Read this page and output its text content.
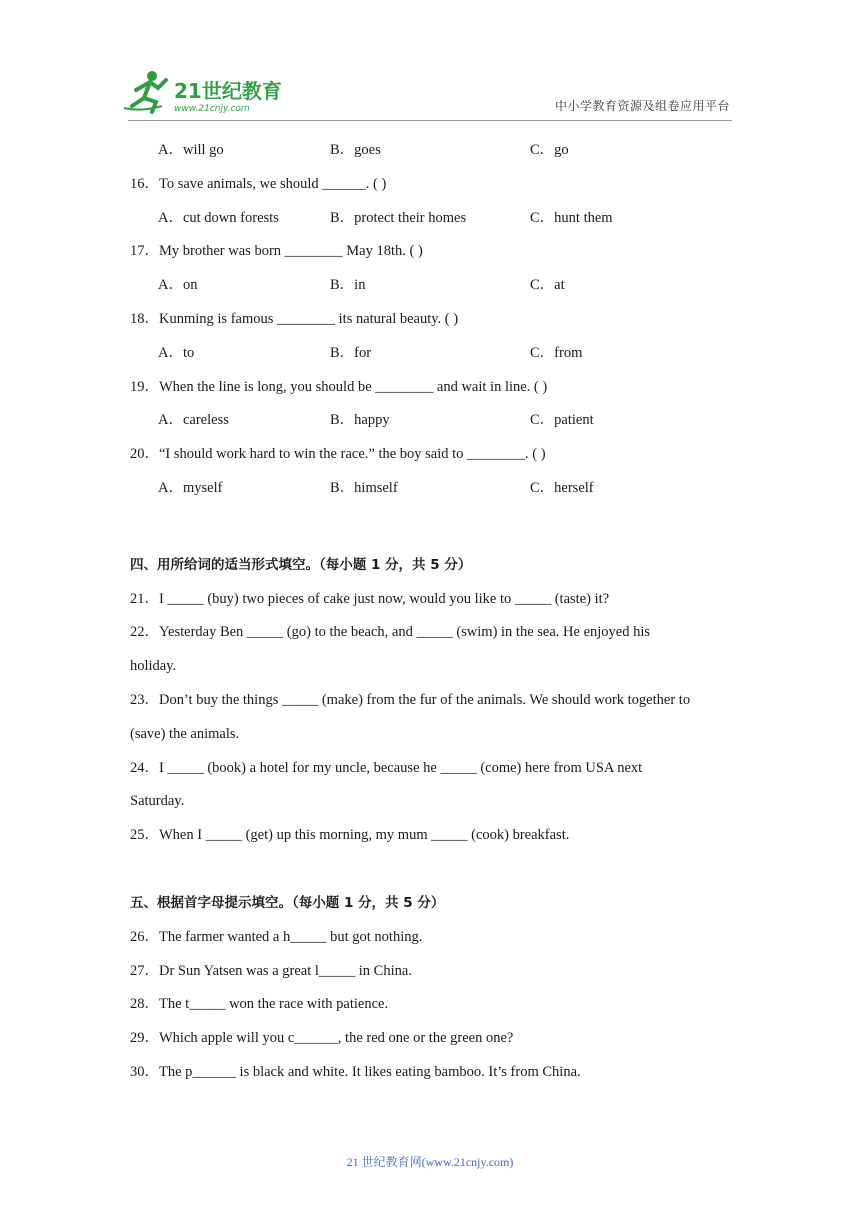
21世纪教育
www.21cnjy.com	中小学教育资源及组卷应用平台
A．will go	B．goes	C．go
16．To save animals, we should ______. ( )
A．cut down forests	B．protect their homes	C．hunt them
17．My brother was born ________ May 18th. ( )
A．on	B．in	C．at
18．Kunming is famous ________ its natural beauty. ( )
A．to	B．for	C．from
19．When the line is long, you should be ________ and wait in line. ( )
A．careless	B．happy	C．patient
20．“I should work hard to win the race.” the boy said to ________. ( )
A．myself	B．himself	C．herself
四、用所给词的适当形式填空。（每小题 1 分，共 5 分）
21．I _____ (buy) two pieces of cake just now, would you like to _____ (taste) it?
22．Yesterday Ben _____ (go) to the beach, and _____ (swim) in the sea. He enjoyed his
holiday.
23．Don’t buy the things _____ (make) from the fur of the animals. We should work together to
(save) the animals.
24．I _____ (book) a hotel for my uncle, because he _____ (come) here from USA next
Saturday.
25．When I _____ (get) up this morning, my mum _____ (cook) breakfast.
五、根据首字母提示填空。（每小题 1 分，共 5 分）
26．The farmer wanted a h_____ but got nothing.
27．Dr Sun Yatsen was a great l_____ in China.
28．The t_____ won the race with patience.
29．Which apple will you c______, the red one or the green one?
30．The p______ is black and white. It likes eating bamboo. It’s from China.
21 世纪教育网(www.21cnjy.com)
